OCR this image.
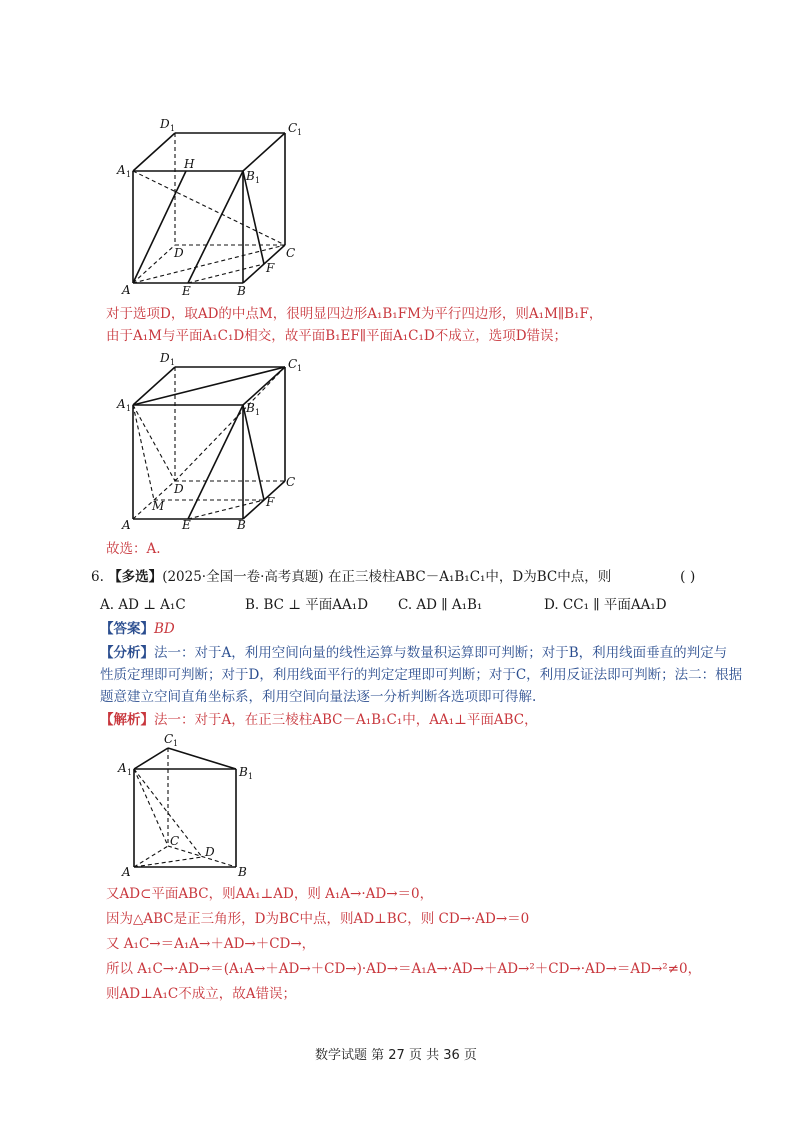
D 1	C 1
A 1
H
B 1
D	C
F
A	E	B
对于选项D，取AD的中点M，很明显四边形A₁B₁FM为平行四边形，则A₁M∥B₁F，
由于A₁M与平面A₁C₁D相交，故平面B₁EF∥平面A₁C₁D不成立，选项D错误；
D 1	C 1
A 1	B 1
D	C
M	F
A	E	B
故选：A.
6. 【多选】(2025·全国一卷·高考真题) 在正三棱柱ABC－A₁B₁C₁中，D为BC中点，则	( )
A. AD ⊥ A₁C	B. BC ⊥ 平面AA₁D C. AD ∥ A₁B₁	D. CC₁ ∥ 平面AA₁D
【答案】BD
【分析】法一：对于A，利用空间向量的线性运算与数量积运算即可判断；对于B，利用线面垂直的判定与
性质定理即可判断；对于D，利用线面平行的判定定理即可判断；对于C，利用反证法即可判断；法二：根据
题意建立空间直角坐标系，利用空间向量法逐一分析判断各选项即可得解.
【解析】法一：对于A，在正三棱柱ABC－A₁B₁C₁中，AA₁⊥平面ABC，
C 1
A 1	B 1
C
D
A	B
又AD⊂平面ABC，则AA₁⊥AD，则 A₁A→·AD→＝0，
因为△ABC是正三角形，D为BC中点，则AD⊥BC，则 CD→·AD→＝0
又 A₁C→＝A₁A→＋AD→＋CD→，
所以 A₁C→·AD→＝(A₁A→＋AD→＋CD→)·AD→＝A₁A→·AD→＋AD→²＋CD→·AD→＝AD→²≠0，
则AD⊥A₁C不成立，故A错误；
数学试题 第 27 页 共 36 页
